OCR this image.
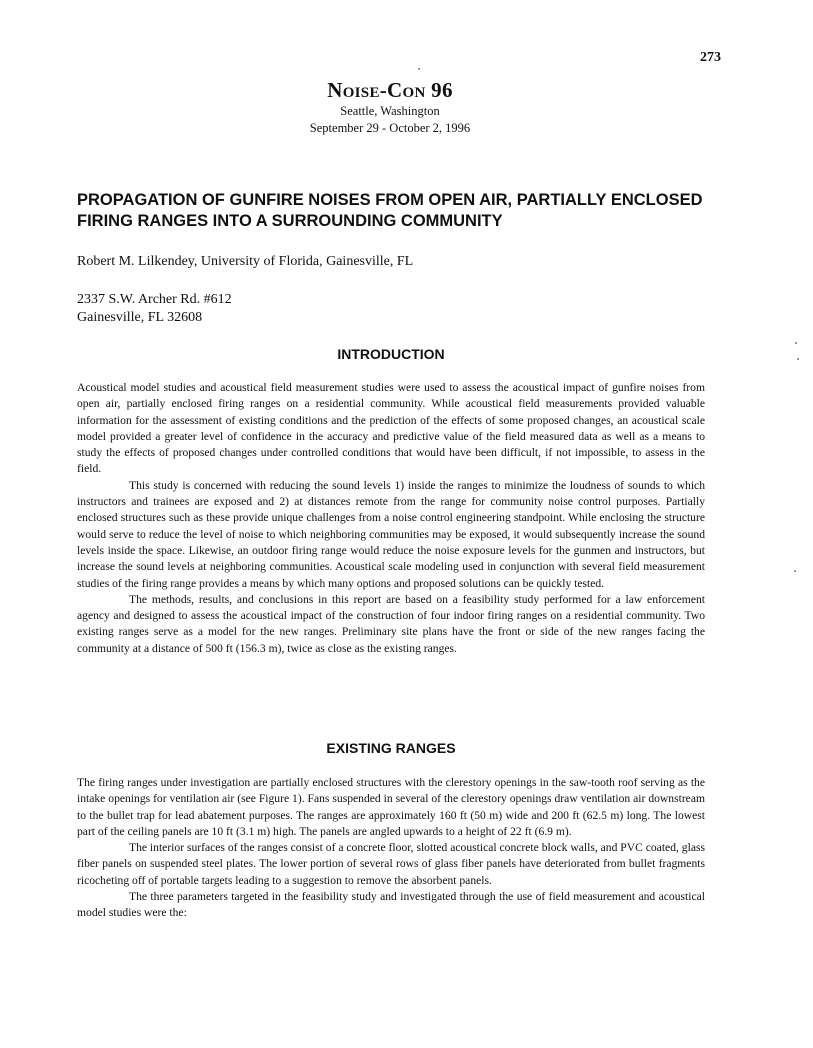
273
Noise-Con 96
Seattle, Washington
September 29 - October 2, 1996
PROPAGATION OF GUNFIRE NOISES FROM OPEN AIR, PARTIALLY ENCLOSED FIRING RANGES INTO A SURROUNDING COMMUNITY
Robert M. Lilkendey, University of Florida, Gainesville, FL
2337 S.W. Archer Rd. #612
Gainesville, FL 32608
INTRODUCTION

Acoustical model studies and acoustical field measurement studies were used to assess the acoustical impact of gunfire noises from open air, partially enclosed firing ranges on a residential community. While acoustical field measurements provided valuable information for the assessment of existing conditions and the prediction of the effects of some proposed changes, an acoustical scale model provided a greater level of confidence in the accuracy and predictive value of the field measured data as well as a means to study the effects of proposed changes under controlled conditions that would have been difficult, if not impossible, to assess in the field.

This study is concerned with reducing the sound levels 1) inside the ranges to minimize the loudness of sounds to which instructors and trainees are exposed and 2) at distances remote from the range for community noise control purposes. Partially enclosed structures such as these provide unique challenges from a noise control engineering standpoint. While enclosing the structure would serve to reduce the level of noise to which neighboring communities may be exposed, it would subsequently increase the sound levels inside the space. Likewise, an outdoor firing range would reduce the noise exposure levels for the gunmen and instructors, but increase the sound levels at neighboring communities. Acoustical scale modeling used in conjunction with several field measurement studies of the firing range provides a means by which many options and proposed solutions can be quickly tested.

The methods, results, and conclusions in this report are based on a feasibility study performed for a law enforcement agency and designed to assess the acoustical impact of the construction of four indoor firing ranges on a residential community. Two existing ranges serve as a model for the new ranges. Preliminary site plans have the front or side of the new ranges facing the community at a distance of 500 ft (156.3 m), twice as close as the existing ranges.

EXISTING RANGES

The firing ranges under investigation are partially enclosed structures with the clerestory openings in the saw-tooth roof serving as the intake openings for ventilation air (see Figure 1). Fans suspended in several of the clerestory openings draw ventilation air downstream to the bullet trap for lead abatement purposes. The ranges are approximately 160 ft (50 m) wide and 200 ft (62.5 m) long. The lowest part of the ceiling panels are 10 ft (3.1 m) high. The panels are angled upwards to a height of 22 ft (6.9 m).

The interior surfaces of the ranges consist of a concrete floor, slotted acoustical concrete block walls, and PVC coated, glass fiber panels on suspended steel plates. The lower portion of several rows of glass fiber panels have deteriorated from bullet fragments ricocheting off of portable targets leading to a suggestion to remove the absorbent panels.

The three parameters targeted in the feasibility study and investigated through the use of field measurement and acoustical model studies were the:
